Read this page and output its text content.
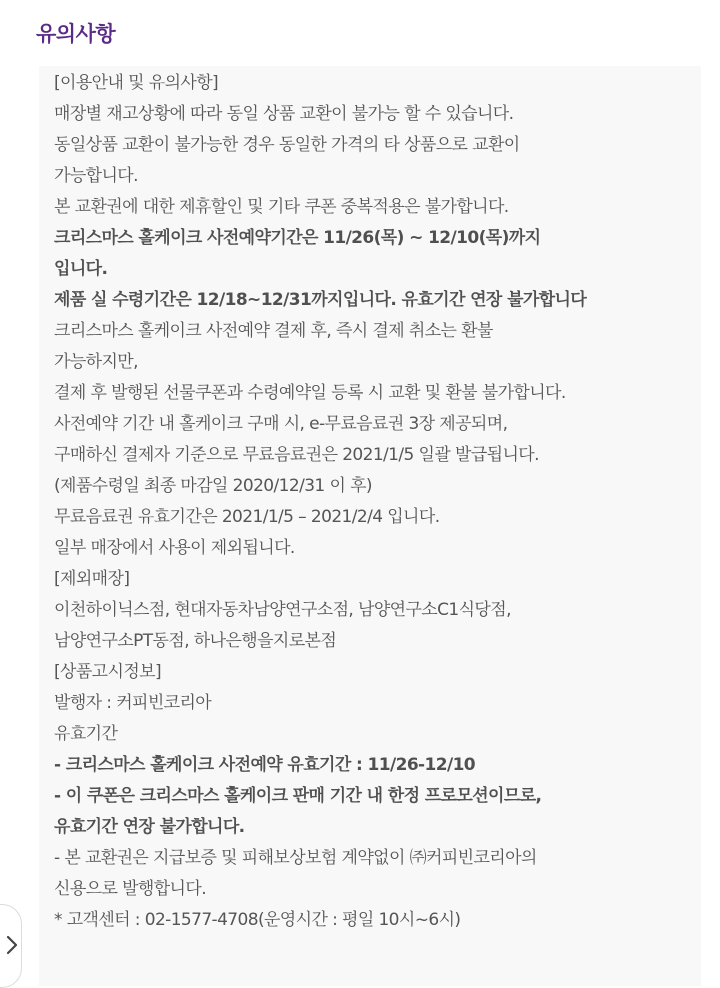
유의사항
[이용안내 및 유의사항]
매장별 재고상황에 따라 동일 상품 교환이 불가능 할 수 있습니다.
동일상품 교환이 불가능한 경우 동일한 가격의 타 상품으로 교환이
가능합니다.
본 교환권에 대한 제휴할인 및 기타 쿠폰 중복적용은 불가합니다.
크리스마스 홀케이크 사전예약기간은 11/26(목) ~ 12/10(목)까지
입니다.
제품 실 수령기간은 12/18~12/31까지입니다. 유효기간 연장 불가합니다
크리스마스 홀케이크 사전예약 결제 후, 즉시 결제 취소는 환불
가능하지만,
결제 후 발행된 선물쿠폰과 수령예약일 등록 시 교환 및 환불 불가합니다.
사전예약 기간 내 홀케이크 구매 시, e-무료음료권 3장 제공되며,
구매하신 결제자 기준으로 무료음료권은 2021/1/5 일괄 발급됩니다.
(제품수령일 최종 마감일 2020/12/31 이 후)
무료음료권 유효기간은 2021/1/5 – 2021/2/4 입니다.
일부 매장에서 사용이 제외됩니다.
[제외매장]
이천하이닉스점, 현대자동차남양연구소점, 남양연구소C1식당점,
남양연구소PT동점, 하나은행을지로본점
[상품고시정보]
발행자 : 커피빈코리아
유효기간
- 크리스마스 홀케이크 사전예약 유효기간 : 11/26-12/10
- 이 쿠폰은 크리스마스 홀케이크 판매 기간 내 한정 프로모션이므로,
유효기간 연장 불가합니다.
- 본 교환권은 지급보증 및 피해보상보험 계약없이 ㈜커피빈코리아의
신용으로 발행합니다.
* 고객센터 : 02-1577-4708(운영시간 : 평일 10시~6시)
